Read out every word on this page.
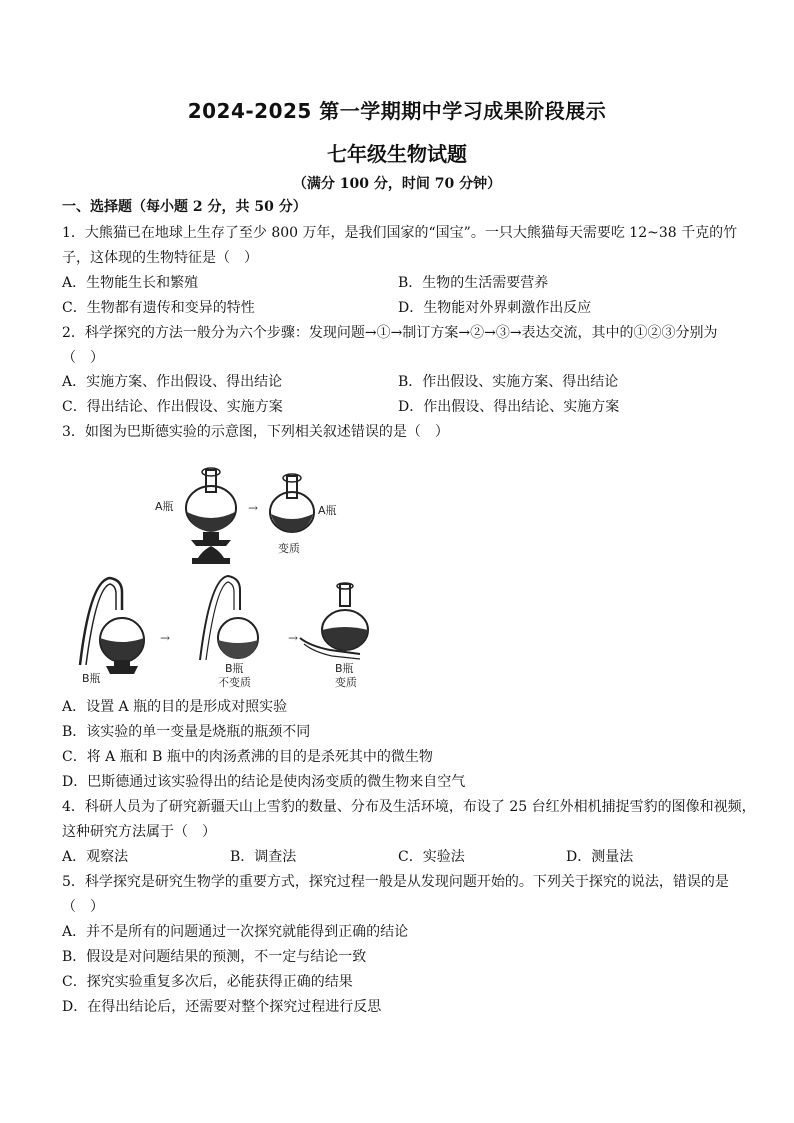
2024-2025 第一学期期中学习成果阶段展示
七年级生物试题
（满分 100 分，时间 70 分钟）
一、选择题（每小题 2 分，共 50 分）
1．大熊猫已在地球上生存了至少 800 万年，是我们国家的“国宝”。一只大熊猫每天需要吃 12~38 千克的竹
子，这体现的生物特征是（　）
A．生物能生长和繁殖	B．生物的生活需要营养
C．生物都有遗传和变异的特性	D．生物能对外界刺激作出反应
2．科学探究的方法一般分为六个步骤：发现问题→①→制订方案→②→③→表达交流，其中的①②③分别为
（　）
A．实施方案、作出假设、得出结论	B．作出假设、实施方案、得出结论
C．得出结论、作出假设、实施方案	D．作出假设、得出结论、实施方案
3．如图为巴斯德实验的示意图，下列相关叙述错误的是（　）
A瓶	→	A瓶
变质
B瓶
→
B瓶
不变质
→
B瓶
变质
A．设置 A 瓶的目的是形成对照实验
B．该实验的单一变量是烧瓶的瓶颈不同
C．将 A 瓶和 B 瓶中的肉汤煮沸的目的是杀死其中的微生物
D．巴斯德通过该实验得出的结论是使肉汤变质的微生物来自空气
4．科研人员为了研究新疆天山上雪豹的数量、分布及生活环境，布设了 25 台红外相机捕捉雪豹的图像和视频，
这种研究方法属于（　）
A．观察法	B．调查法	C．实验法	D．测量法
5．科学探究是研究生物学的重要方式，探究过程一般是从发现问题开始的。下列关于探究的说法，错误的是
（　）
A．并不是所有的问题通过一次探究就能得到正确的结论
B．假设是对问题结果的预测，不一定与结论一致
C．探究实验重复多次后，必能获得正确的结果
D．在得出结论后，还需要对整个探究过程进行反思
